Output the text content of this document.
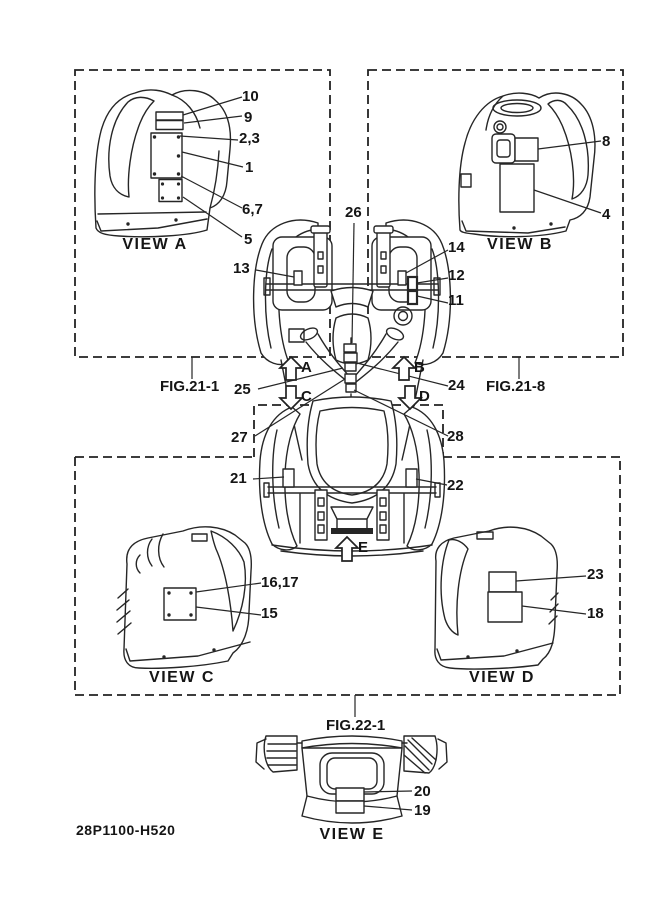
10
9
2,3
1
6,7
5
8
4
26
13
14
12
11
25	24
27	28
21	22
16,17
15
23
18
20
19
VIEW A	VIEW B
VIEW C	VIEW D
VIEW E
FIG.21-1	FIG.21-8
FIG.22-1
A	B
C	D
E
28P1100-H520
